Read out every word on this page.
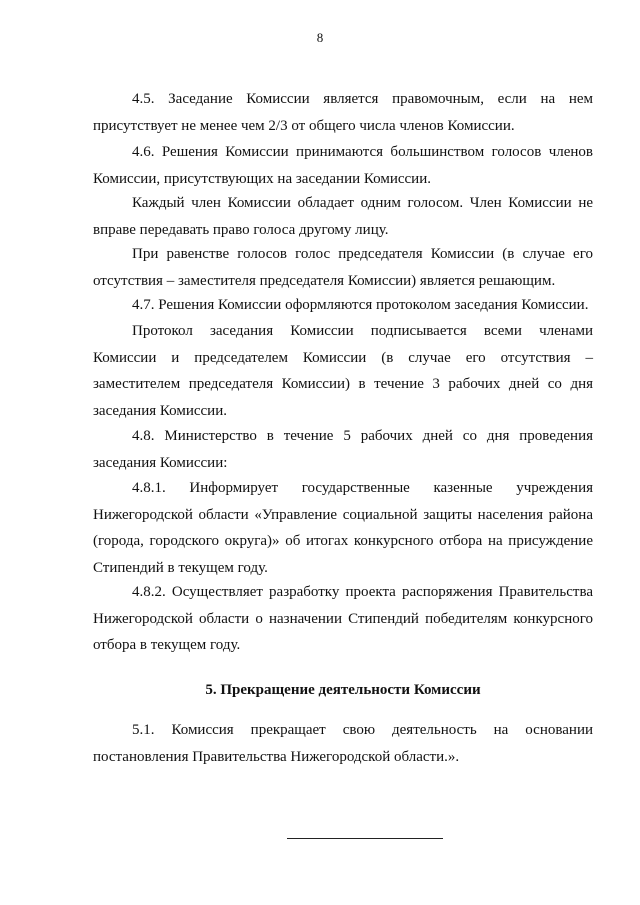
8

4.5. Заседание Комиссии является правомочным, если на нем присутствует не менее чем 2/3 от общего числа членов Комиссии.

4.6. Решения Комиссии принимаются большинством голосов членов Комиссии, присутствующих на заседании Комиссии.

Каждый член Комиссии обладает одним голосом. Член Комиссии не вправе передавать право голоса другому лицу.

При равенстве голосов голос председателя Комиссии (в случае его отсутствия – заместителя председателя Комиссии) является решающим.

4.7. Решения Комиссии оформляются протоколом заседания Комиссии.

Протокол заседания Комиссии подписывается всеми членами Комиссии и председателем Комиссии (в случае его отсутствия – заместителем председателя Комиссии) в течение 3 рабочих дней со дня заседания Комиссии.

4.8. Министерство в течение 5 рабочих дней со дня проведения заседания Комиссии:

4.8.1. Информирует государственные казенные учреждения Нижегородской области «Управление социальной защиты населения района (города, городского округа)» об итогах конкурсного отбора на присуждение Стипендий в текущем году.

4.8.2. Осуществляет разработку проекта распоряжения Правительства Нижегородской области о назначении Стипендий победителям конкурсного отбора в текущем году.

5. Прекращение деятельности Комиссии

5.1. Комиссия прекращает свою деятельность на основании постановления Правительства Нижегородской области.».
